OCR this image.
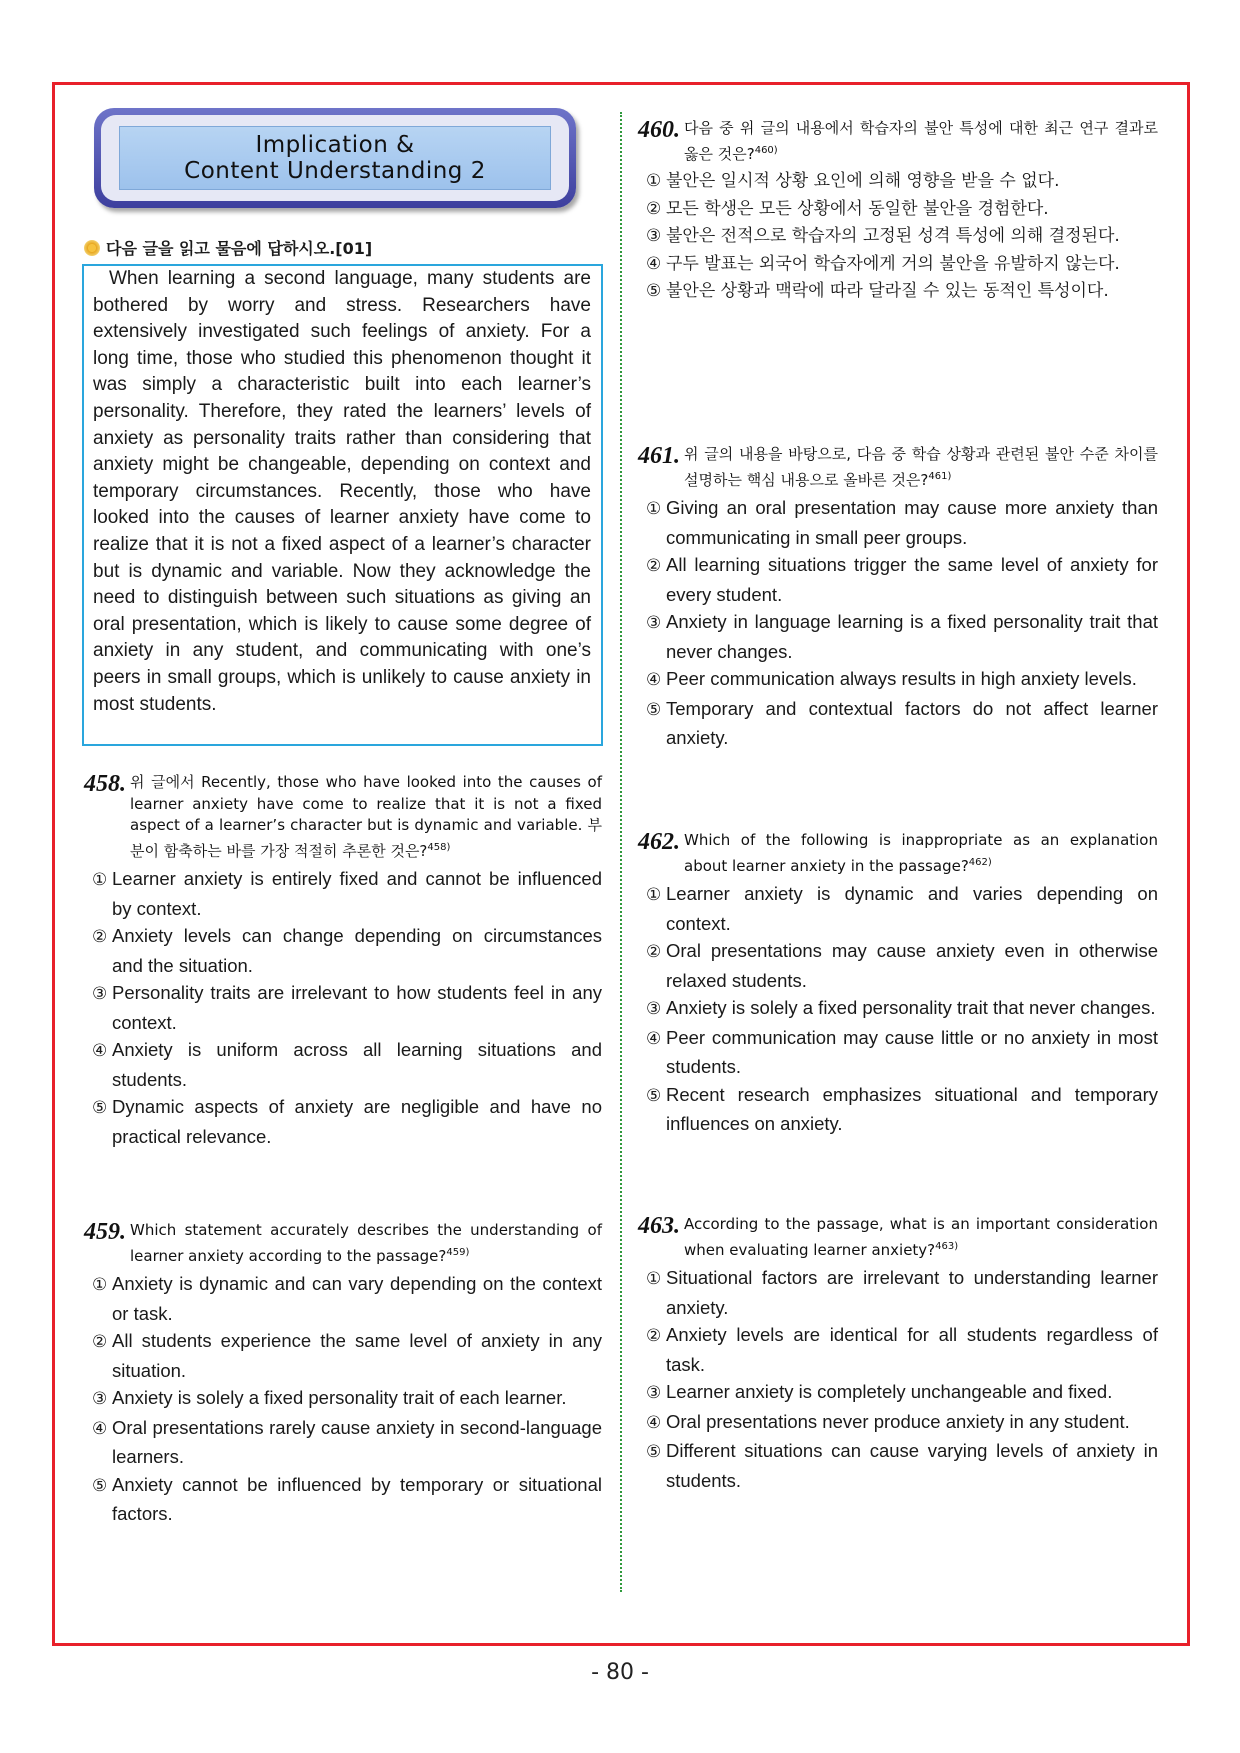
Implication &
Content Understanding 2
다음 글을 읽고 물음에 답하시오.[01]

When learning a second language, many students are bothered by worry and stress. Researchers have extensively investigated such feelings of anxiety. For a long time, those who studied this phenomenon thought it was simply a characteristic built into each learner’s personality. Therefore, they rated the learners’ levels of anxiety as personality traits rather than considering that anxiety might be changeable, depending on context and temporary circumstances. Recently, those who have looked into the causes of learner anxiety have come to realize that it is not a fixed aspect of a learner’s character but is dynamic and variable. Now they acknowledge the need to distinguish between such situations as giving an oral presentation, which is likely to cause some degree of anxiety in any student, and communicating with one’s peers in small groups, which is unlikely to cause anxiety in most students.

458. 위 글에서 Recently, those who have looked into the causes of learner anxiety have come to realize that it is not a fixed aspect of a learner’s character but is dynamic and variable. 부분이 함축하는 바를 가장 적절히 추론한 것은?$^{458)}$
① Learner anxiety is entirely fixed and cannot be influenced by context.
② Anxiety levels can change depending on circumstances and the situation.
③ Personality traits are irrelevant to how students feel in any context.
④ Anxiety is uniform across all learning situations and students.
⑤ Dynamic aspects of anxiety are negligible and have no practical relevance.
459. Which statement accurately describes the understanding of learner anxiety according to the passage?$^{459)}$
① Anxiety is dynamic and can vary depending on the context or task.
② All students experience the same level of anxiety in any situation.
③ Anxiety is solely a fixed personality trait of each learner.
④ Oral presentations rarely cause anxiety in second-language learners.
⑤ Anxiety cannot be influenced by temporary or situational factors.
460. 다음 중 위 글의 내용에서 학습자의 불안 특성에 대한 최근 연구 결과로 옳은 것은?$^{460)}$
① 불안은 일시적 상황 요인에 의해 영향을 받을 수 없다.
② 모든 학생은 모든 상황에서 동일한 불안을 경험한다.
③ 불안은 전적으로 학습자의 고정된 성격 특성에 의해 결정된다.
④ 구두 발표는 외국어 학습자에게 거의 불안을 유발하지 않는다.
⑤ 불안은 상황과 맥락에 따라 달라질 수 있는 동적인 특성이다.
461. 위 글의 내용을 바탕으로, 다음 중 학습 상황과 관련된 불안 수준 차이를 설명하는 핵심 내용으로 올바른 것은?$^{461)}$
① Giving an oral presentation may cause more anxiety than communicating in small peer groups.
② All learning situations trigger the same level of anxiety for every student.
③ Anxiety in language learning is a fixed personality trait that never changes.
④ Peer communication always results in high anxiety levels.
⑤ Temporary and contextual factors do not affect learner anxiety.
462. Which of the following is inappropriate as an explanation about learner anxiety in the passage?$^{462)}$
① Learner anxiety is dynamic and varies depending on context.
② Oral presentations may cause anxiety even in otherwise relaxed students.
③ Anxiety is solely a fixed personality trait that never changes.
④ Peer communication may cause little or no anxiety in most students.
⑤ Recent research emphasizes situational and temporary influences on anxiety.
463. According to the passage, what is an important consideration when evaluating learner anxiety?$^{463)}$
① Situational factors are irrelevant to understanding learner anxiety.
② Anxiety levels are identical for all students regardless of task.
③ Learner anxiety is completely unchangeable and fixed.
④ Oral presentations never produce anxiety in any student.
⑤ Different situations can cause varying levels of anxiety in students.
- 80 -
